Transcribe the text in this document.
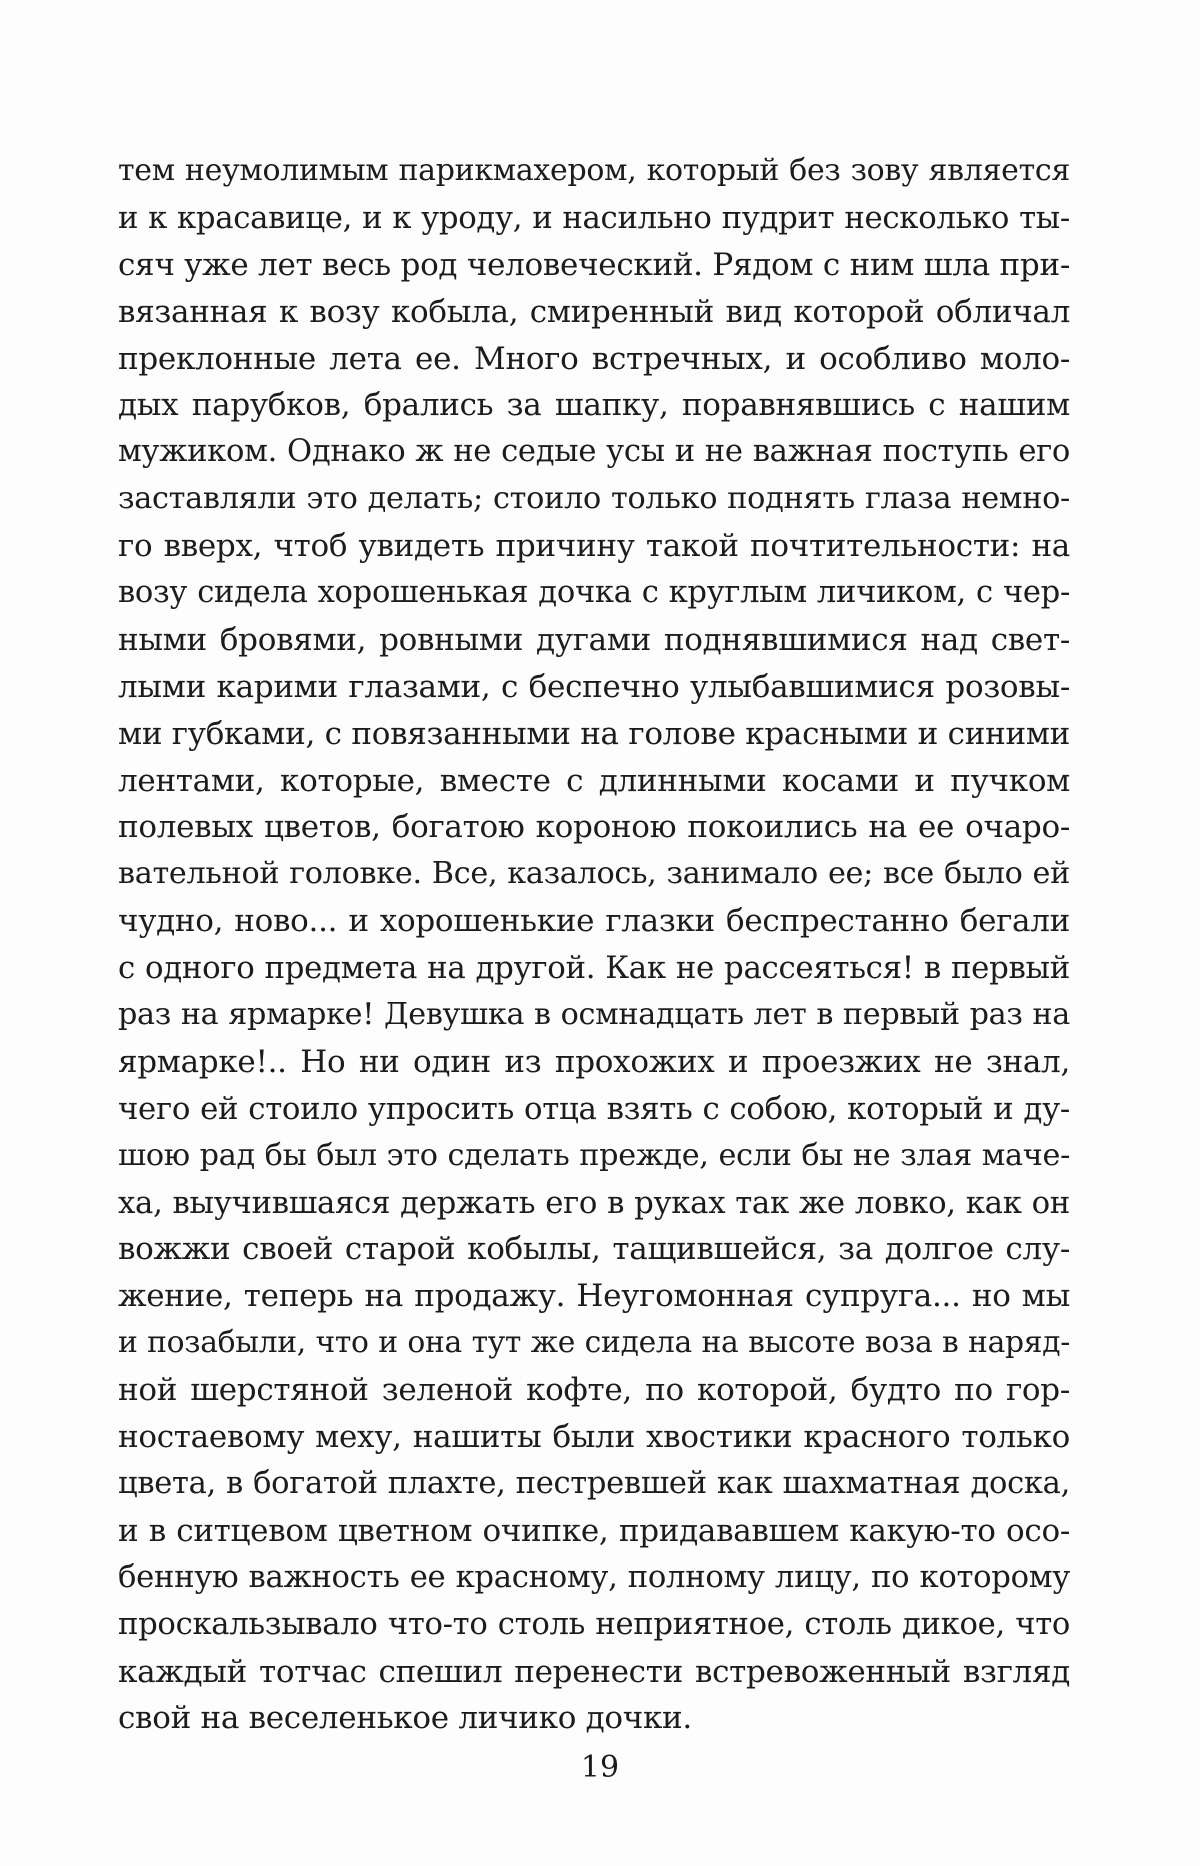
тем неумолимым парикмахером, который без зову является
и к красавице, и к уроду, и насильно пудрит несколько ты-
сяч уже лет весь род человеческий. Рядом с ним шла при-
вязанная к возу кобыла, смиренный вид которой обличал
преклонные лета ее. Много встречных, и особливо моло-
дых парубков, брались за шапку, поравнявшись с нашим
мужиком. Однако ж не седые усы и не важная поступь его
заставляли это делать; стоило только поднять глаза немно-
го вверх, чтоб увидеть причину такой почтительности: на
возу сидела хорошенькая дочка с круглым личиком, с чер-
ными бровями, ровными дугами поднявшимися над свет-
лыми карими глазами, с беспечно улыбавшимися розовы-
ми губками, с повязанными на голове красными и синими
лентами, которые, вместе с длинными косами и пучком
полевых цветов, богатою короною покоились на ее очаро-
вательной головке. Все, казалось, занимало ее; все было ей
чудно, ново... и хорошенькие глазки беспрестанно бегали
с одного предмета на другой. Как не рассеяться! в первый
раз на ярмарке! Девушка в осмнадцать лет в первый раз на
ярмарке!.. Но ни один из прохожих и проезжих не знал,
чего ей стоило упросить отца взять с собою, который и ду-
шою рад бы был это сделать прежде, если бы не злая маче-
ха, выучившаяся держать его в руках так же ловко, как он
вожжи своей старой кобылы, тащившейся, за долгое слу-
жение, теперь на продажу. Неугомонная супруга... но мы
и позабыли, что и она тут же сидела на высоте воза в наряд-
ной шерстяной зеленой кофте, по которой, будто по гор-
ностаевому меху, нашиты были хвостики красного только
цвета, в богатой плахте, пестревшей как шахматная доска,
и в ситцевом цветном очипке, придававшем какую-то осо-
бенную важность ее красному, полному лицу, по которому
проскальзывало что-то столь неприятное, столь дикое, что
каждый тотчас спешил перенести встревоженный взгляд
свой на веселенькое личико дочки.
19
